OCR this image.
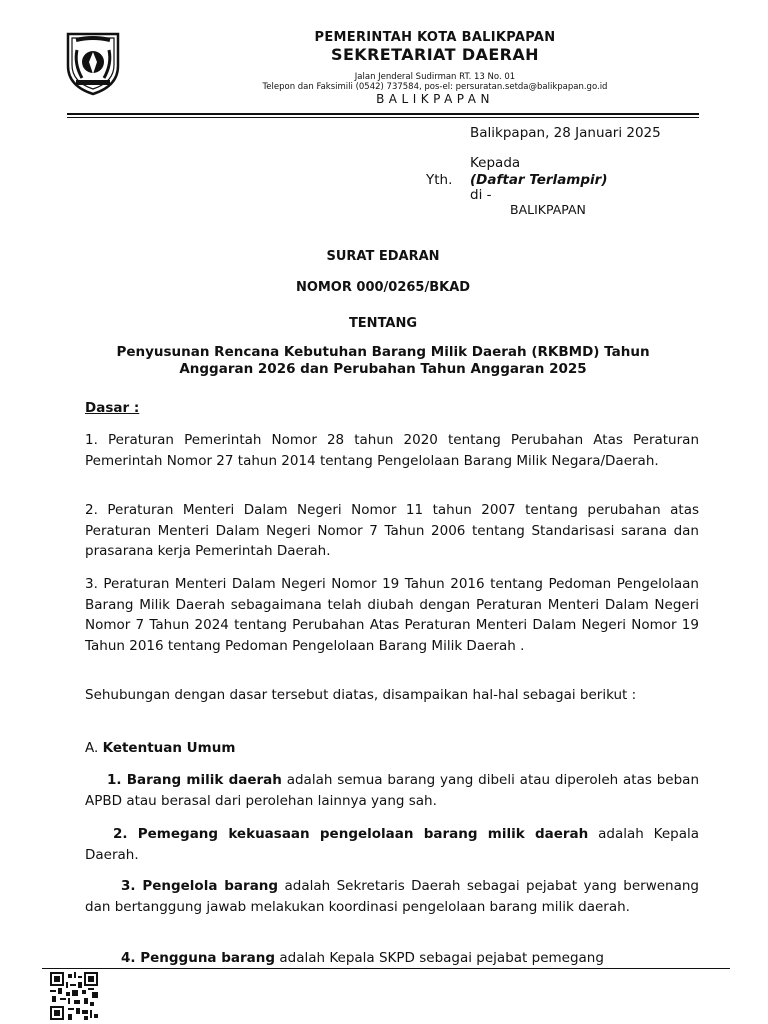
PEMERINTAH KOTA BALIKPAPAN
SEKRETARIAT DAERAH
Jalan Jenderal Sudirman RT. 13 No. 01
Telepon dan Faksimili (0542) 737584, pos-el: persuratan.setda@balikpapan.go.id
BALIKPAPAN
Balikpapan, 28 Januari 2025
Kepada
Yth. (Daftar Terlampir)
di -
BALIKPAPAN
SURAT EDARAN
NOMOR 000/0265/BKAD
TENTANG
Penyusunan Rencana Kebutuhan Barang Milik Daerah (RKBMD) Tahun
Anggaran 2026 dan Perubahan Tahun Anggaran 2025
Dasar :
1. Peraturan Pemerintah Nomor 28 tahun 2020 tentang Perubahan Atas Peraturan Pemerintah Nomor 27 tahun 2014 tentang Pengelolaan Barang Milik Negara/Daerah.
2. Peraturan Menteri Dalam Negeri Nomor 11 tahun 2007 tentang perubahan atas Peraturan Menteri Dalam Negeri Nomor 7 Tahun 2006 tentang Standarisasi sarana dan prasarana kerja Pemerintah Daerah.
3. Peraturan Menteri Dalam Negeri Nomor 19 Tahun 2016 tentang Pedoman Pengelolaan Barang Milik Daerah sebagaimana telah diubah dengan Peraturan Menteri Dalam Negeri Nomor 7 Tahun 2024 tentang Perubahan Atas Peraturan Menteri Dalam Negeri Nomor 19 Tahun 2016 tentang Pedoman Pengelolaan Barang Milik Daerah .
Sehubungan dengan dasar tersebut diatas, disampaikan hal-hal sebagai berikut :
A. Ketentuan Umum
1. Barang milik daerah adalah semua barang yang dibeli atau diperoleh atas beban APBD atau berasal dari perolehan lainnya yang sah.
2. Pemegang kekuasaan pengelolaan barang milik daerah adalah Kepala Daerah.
3. Pengelola barang adalah Sekretaris Daerah sebagai pejabat yang berwenang dan bertanggung jawab melakukan koordinasi pengelolaan barang milik daerah.
4. Pengguna barang adalah Kepala SKPD sebagai pejabat pemegang
